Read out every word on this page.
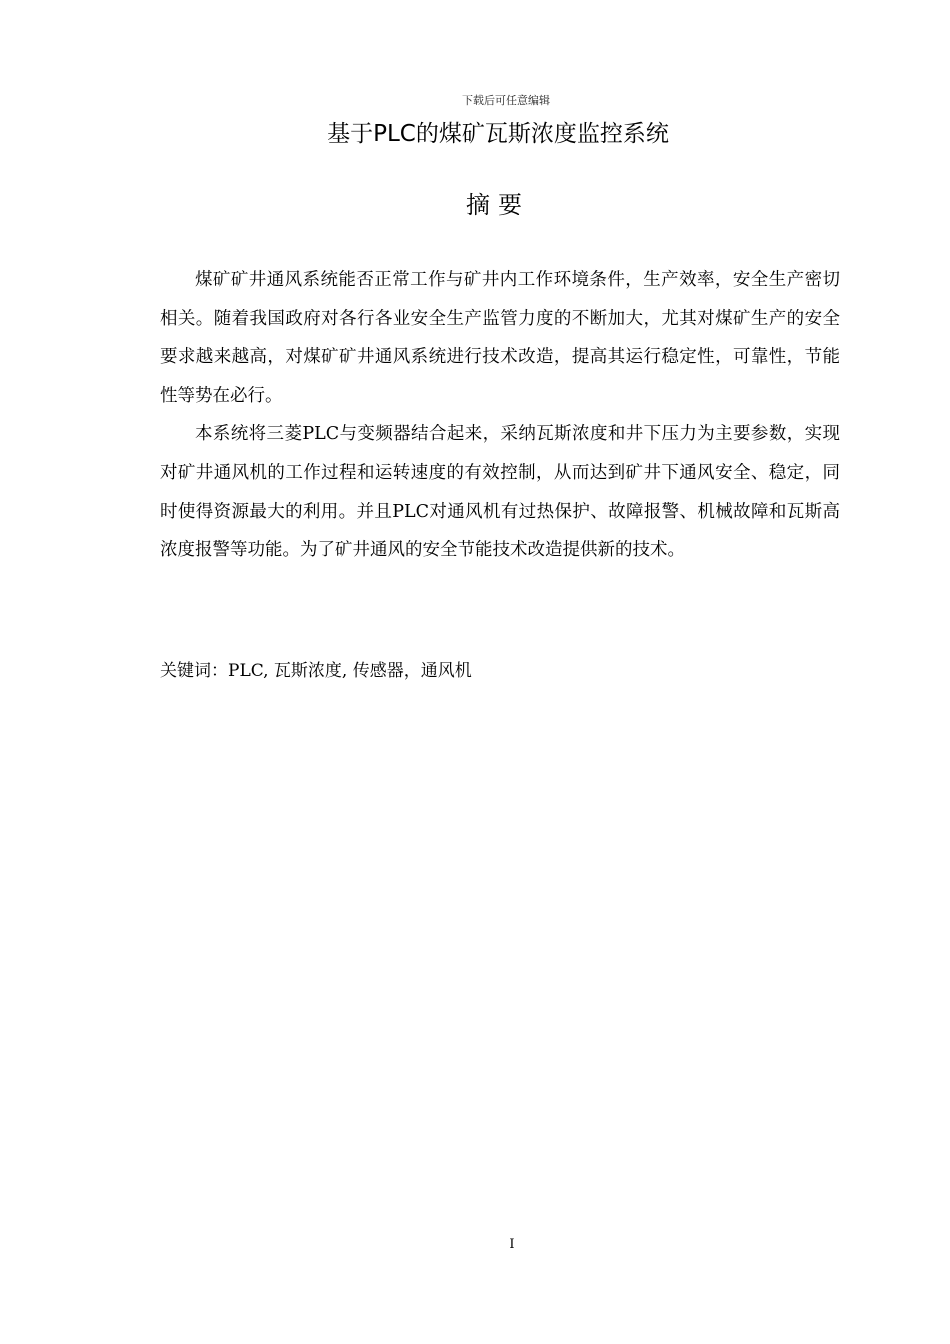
下载后可任意编辑
基于PLC的煤矿瓦斯浓度监控系统
摘要

煤矿矿井通风系统能否正常工作与矿井内工作环境条件，生产效率，安全生产密切相关。随着我国政府对各行各业安全生产监管力度的不断加大，尤其对煤矿生产的安全要求越来越高，对煤矿矿井通风系统进行技术改造，提高其运行稳定性，可靠性，节能性等势在必行。

本系统将三菱PLC与变频器结合起来，采纳瓦斯浓度和井下压力为主要参数，实现对矿井通风机的工作过程和运转速度的有效控制，从而达到矿井下通风安全、稳定，同时使得资源最大的利用。并且PLC对通风机有过热保护、故障报警、机械故障和瓦斯高浓度报警等功能。为了矿井通风的安全节能技术改造提供新的技术。

关键词：PLC, 瓦斯浓度, 传感器，通风机
I
